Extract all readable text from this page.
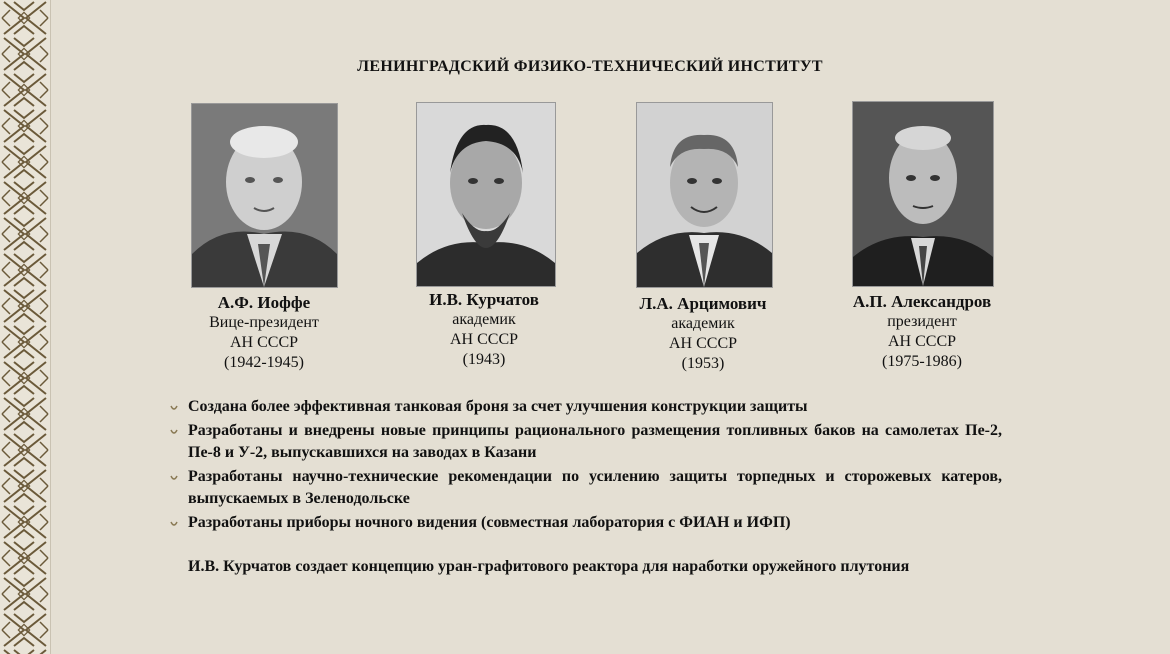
ЛЕНИНГРАДСКИЙ ФИЗИКО-ТЕХНИЧЕСКИЙ ИНСТИТУТ
А.Ф. Иоффе
Вице-президент
АН СССР
(1942-1945)
И.В. Курчатов
академик
АН СССР
(1943)
Л.А. Арцимович
академик
АН СССР
(1953)
А.П. Александров
президент
АН СССР
(1975-1986)
Создана более эффективная танковая броня за счет улучшения конструкции защиты
Разработаны и внедрены новые принципы рационального размещения топливных баков на самолетах Пе-2, Пе-8 и У-2, выпускавшихся на заводах в Казани
Разработаны научно-технические рекомендации по усилению защиты торпедных и сторожевых катеров, выпускаемых в Зеленодольске
Разработаны приборы ночного видения (совместная лаборатория с ФИАН и ИФП)
И.В. Курчатов создает концепцию уран-графитового реактора для наработки оружейного плутония
